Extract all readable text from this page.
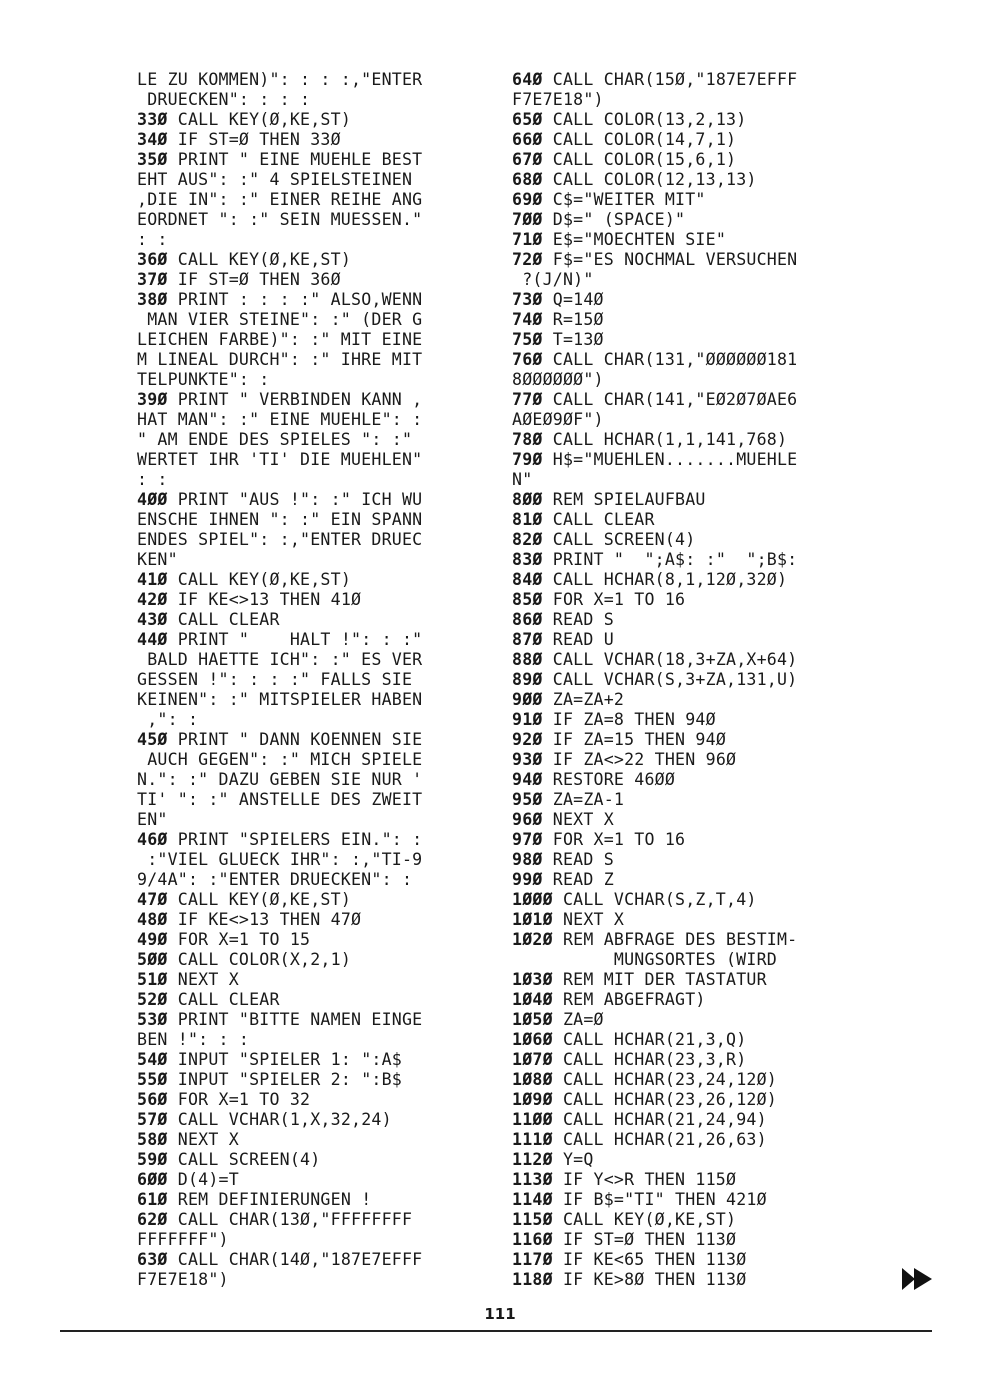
LE ZU KOMMEN)": : : :,"ENTER
DRUECKEN": : : :
33Ø CALL KEY(Ø,KE,ST)
34Ø IF ST=Ø THEN 33Ø
35Ø PRINT " EINE MUEHLE BEST
EHT AUS": :" 4 SPIELSTEINEN
,DIE IN": :" EINER REIHE ANG
EORDNET ": :" SEIN MUESSEN."
: :
36Ø CALL KEY(Ø,KE,ST)
37Ø IF ST=Ø THEN 36Ø
38Ø PRINT : : : :" ALSO,WENN
MAN VIER STEINE": :" (DER G
LEICHEN FARBE)": :" MIT EINE
M LINEAL DURCH": :" IHRE MIT
TELPUNKTE": :
39Ø PRINT " VERBINDEN KANN ,
HAT MAN": :" EINE MUEHLE": :
" AM ENDE DES SPIELES ": :"
WERTET IHR 'TI' DIE MUEHLEN"
: :
4ØØ PRINT "AUS !": :" ICH WU
ENSCHE IHNEN ": :" EIN SPANN
ENDES SPIEL": :,"ENTER DRUEC
KEN"
41Ø CALL KEY(Ø,KE,ST)
42Ø IF KE<>13 THEN 41Ø
43Ø CALL CLEAR
44Ø PRINT "    HALT !": : :"
BALD HAETTE ICH": :" ES VER
GESSEN !": : : :" FALLS SIE
KEINEN": :" MITSPIELER HABEN
,": :
45Ø PRINT " DANN KOENNEN SIE
AUCH GEGEN": :" MICH SPIELE
N.": :" DAZU GEBEN SIE NUR '
TI' ": :" ANSTELLE DES ZWEIT
EN"
46Ø PRINT "SPIELERS EIN.": :
:"VIEL GLUECK IHR": :,"TI-9
9/4A": :"ENTER DRUECKEN": :
47Ø CALL KEY(Ø,KE,ST)
48Ø IF KE<>13 THEN 47Ø
49Ø FOR X=1 TO 15
5ØØ CALL COLOR(X,2,1)
51Ø NEXT X
52Ø CALL CLEAR
53Ø PRINT "BITTE NAMEN EINGE
BEN !": : :
54Ø INPUT "SPIELER 1: ":A$
55Ø INPUT "SPIELER 2: ":B$
56Ø FOR X=1 TO 32
57Ø CALL VCHAR(1,X,32,24)
58Ø NEXT X
59Ø CALL SCREEN(4)
6ØØ D(4)=T
61Ø REM DEFINIERUNGEN !
62Ø CALL CHAR(13Ø,"FFFFFFFF
FFFFFFF")
63Ø CALL CHAR(14Ø,"187E7EFFF
F7E7E18")
64Ø CALL CHAR(15Ø,"187E7EFFF
F7E7E18")
65Ø CALL COLOR(13,2,13)
66Ø CALL COLOR(14,7,1)
67Ø CALL COLOR(15,6,1)
68Ø CALL COLOR(12,13,13)
69Ø C$="WEITER MIT"
7ØØ D$=" (SPACE)"
71Ø E$="MOECHTEN SIE"
72Ø F$="ES NOCHMAL VERSUCHEN
?(J/N)"
73Ø Q=14Ø
74Ø R=15Ø
75Ø T=13Ø
76Ø CALL CHAR(131,"ØØØØØØ181
8ØØØØØØ")
77Ø CALL CHAR(141,"EØ2Ø7ØAE6
AØEØ9ØF")
78Ø CALL HCHAR(1,1,141,768)
79Ø H$="MUEHLEN.......MUEHLE
N"
8ØØ REM SPIELAUFBAU
81Ø CALL CLEAR
82Ø CALL SCREEN(4)
83Ø PRINT "  ";A$: :"  ";B$:
84Ø CALL HCHAR(8,1,12Ø,32Ø)
85Ø FOR X=1 TO 16
86Ø READ S
87Ø READ U
88Ø CALL VCHAR(18,3+ZA,X+64)
89Ø CALL VCHAR(S,3+ZA,131,U)
9ØØ ZA=ZA+2
91Ø IF ZA=8 THEN 94Ø
92Ø IF ZA=15 THEN 94Ø
93Ø IF ZA<>22 THEN 96Ø
94Ø RESTORE 46ØØ
95Ø ZA=ZA-1
96Ø NEXT X
97Ø FOR X=1 TO 16
98Ø READ S
99Ø READ Z
1ØØØ CALL VCHAR(S,Z,T,4)
1Ø1Ø NEXT X
1Ø2Ø REM ABFRAGE DES BESTIM-
MUNGSORTES (WIRD
1Ø3Ø REM MIT DER TASTATUR
1Ø4Ø REM ABGEFRAGT)
1Ø5Ø ZA=Ø
1Ø6Ø CALL HCHAR(21,3,Q)
1Ø7Ø CALL HCHAR(23,3,R)
1Ø8Ø CALL HCHAR(23,24,12Ø)
1Ø9Ø CALL HCHAR(23,26,12Ø)
11ØØ CALL HCHAR(21,24,94)
111Ø CALL HCHAR(21,26,63)
112Ø Y=Q
113Ø IF Y<>R THEN 115Ø
114Ø IF B$="TI" THEN 421Ø
115Ø CALL KEY(Ø,KE,ST)
116Ø IF ST=Ø THEN 113Ø
117Ø IF KE<65 THEN 113Ø
118Ø IF KE>8Ø THEN 113Ø
111
